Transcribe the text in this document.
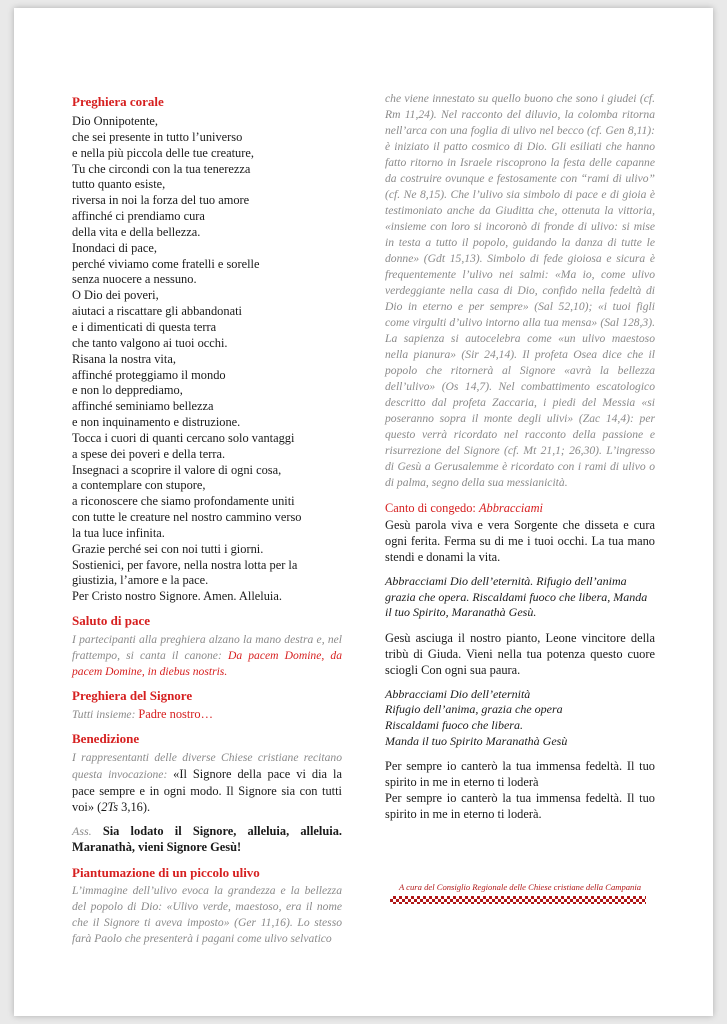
Preghiera corale
Dio Onnipotente,
che sei presente in tutto l’universo
e nella più piccola delle tue creature,
Tu che circondi con la tua tenerezza
tutto quanto esiste,
riversa in noi la forza del tuo amore
affinché ci prendiamo cura
della vita e della bellezza.
Inondaci di pace,
perché viviamo come fratelli e sorelle
senza nuocere a nessuno.
O Dio dei poveri,
aiutaci a riscattare gli abbandonati
e i dimenticati di questa terra
che tanto valgono ai tuoi occhi.
Risana la nostra vita,
affinché proteggiamo il mondo
e non lo depprediamo,
affinché seminiamo bellezza
e non inquinamento e distruzione.
Tocca i cuori di quanti cercano solo vantaggi
a spese dei poveri e della terra.
Insegnaci a scoprire il valore di ogni cosa,
a contemplare con stupore,
a riconoscere che siamo profondamente uniti
con tutte le creature nel nostro cammino verso
la tua luce infinita.
Grazie perché sei con noi tutti i giorni.
Sostienici, per favore, nella nostra lotta per la
giustizia, l’amore e la pace.
Per Cristo nostro Signore. Amen. Alleluia.
Saluto di pace
I partecipanti alla preghiera alzano la mano destra e, nel frattempo, si canta il canone: Da pacem Domine, da pacem Domine, in diebus nostris.
Preghiera del Signore
Tutti insieme: Padre nostro…
Benedizione
I rappresentanti delle diverse Chiese cristiane recitano questa invocazione: «Il Signore della pace vi dia la pace sempre e in ogni modo. Il Signore sia con tutti voi» (2Ts 3,16).
Ass. Sia lodato il Signore, alleluia, alleluia. Maranathà, vieni Signore Gesù!
Piantumazione di un piccolo ulivo
L’immagine dell’ulivo evoca la grandezza e la bellezza del popolo di Dio: «Ulivo verde, maestoso, era il nome che il Signore ti aveva imposto» (Ger 11,16). Lo stesso farà Paolo che presenterà i pagani come ulivo selvatico
che viene innestato su quello buono che sono i giudei (cf. Rm 11,24). Nel racconto del diluvio, la colomba ritorna nell’arca con una foglia di ulivo nel becco (cf. Gen 8,11): è iniziato il patto cosmico di Dio. Gli esiliati che hanno fatto ritorno in Israele riscoprono la festa delle capanne da costruire ovunque e festosamente con “rami di ulivo” (cf. Ne 8,15). Che l’ulivo sia simbolo di pace e di gioia è testimoniato anche da Giuditta che, ottenuta la vittoria, «insieme con loro si incoronò di fronde di ulivo: si mise in testa a tutto il popolo, guidando la danza di tutte le donne» (Gdt 15,13). Simbolo di fede gioiosa e sicura è frequentemente l’ulivo nei salmi: «Ma io, come ulivo verdeggiante nella casa di Dio, confido nella fedeltà di Dio in eterno e per sempre» (Sal 52,10); «i tuoi figli come virgulti d’ulivo intorno alla tua mensa» (Sal 128,3). La sapienza si autocelebra come «un ulivo maestoso nella pianura» (Sir 24,14). Il profeta Osea dice che il popolo che ritornerà al Signore «avrà la bellezza dell’ulivo» (Os 14,7). Nel combattimento escatologico descritto dal profeta Zaccaria, i piedi del Messia «si poseranno sopra il monte degli ulivi» (Zac 14,4): per questo verrà ricordato nel racconto della passione e risurrezione del Signore (cf. Mt 21,1; 26,30). L’ingresso di Gesù a Gerusalemme è ricordato con i rami di ulivo o di palma, segno della sua messianicità.
Canto di congedo: Abbracciami
Gesù parola viva e vera Sorgente che disseta e cura ogni ferita. Ferma su di me i tuoi occhi. La tua mano stendi e donami la vita.
Abbracciami Dio dell’eternità. Rifugio dell’anima grazia che opera. Riscaldami fuoco che libera, Manda il tuo Spirito, Maranathà Gesù.
Gesù asciuga il nostro pianto, Leone vincitore della tribù di Giuda. Vieni nella tua potenza questo cuore sciogli Con ogni sua paura.
Abbracciami Dio dell’eternità
Rifugio dell’anima, grazia che opera
Riscaldami fuoco che libera.
Manda il tuo Spirito Maranathà Gesù
Per sempre io canterò la tua immensa fedeltà. Il tuo spirito in me in eterno ti loderà
Per sempre io canterò la tua immensa fedeltà. Il tuo spirito in me in eterno ti loderà.
A cura del Consiglio Regionale delle Chiese cristiane della Campania
